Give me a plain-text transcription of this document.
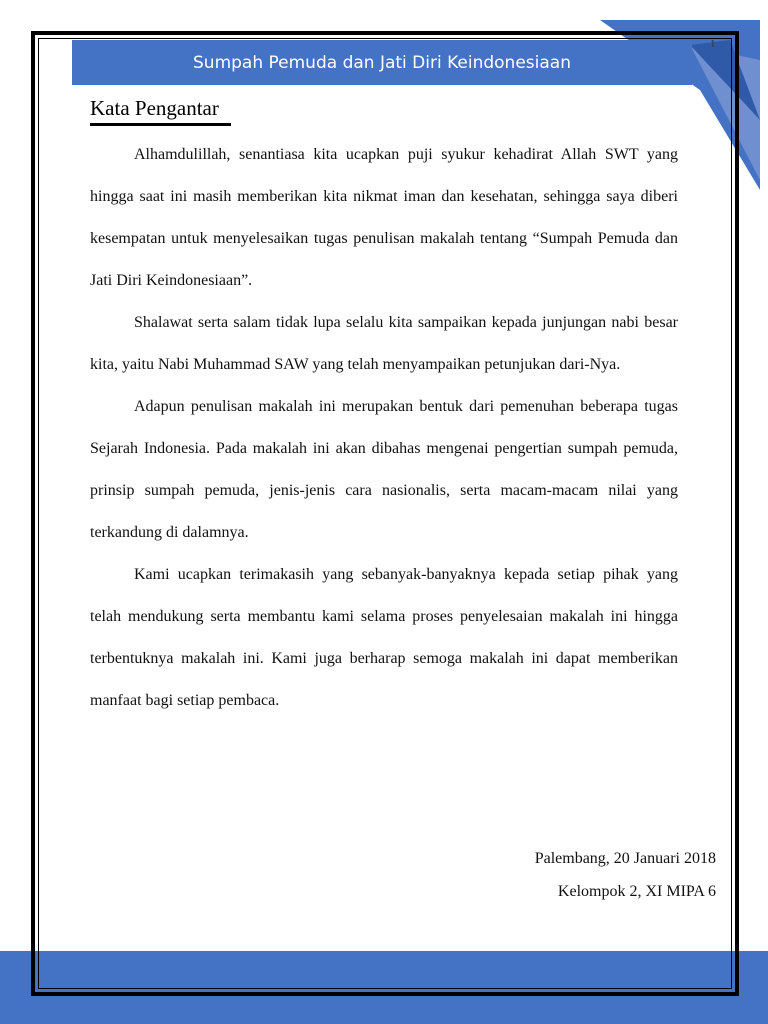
Sumpah Pemuda dan Jati Diri Keindonesiaan
1
Kata Pengantar

Alhamdulillah, senantiasa kita ucapkan puji syukur kehadirat Allah SWT yang hingga saat ini masih memberikan kita nikmat iman dan kesehatan, sehingga saya diberi kesempatan untuk menyelesaikan tugas penulisan makalah tentang “Sumpah Pemuda dan Jati Diri Keindonesiaan”.

Shalawat serta salam tidak lupa selalu kita sampaikan kepada junjungan nabi besar kita, yaitu Nabi Muhammad SAW yang telah menyampaikan petunjukan dari-Nya.

Adapun penulisan makalah ini merupakan bentuk dari pemenuhan beberapa tugas Sejarah Indonesia. Pada makalah ini akan dibahas mengenai pengertian sumpah pemuda, prinsip sumpah pemuda, jenis-jenis cara nasionalis, serta macam-macam nilai yang terkandung di dalamnya.

Kami ucapkan terimakasih yang sebanyak-banyaknya kepada setiap pihak yang telah mendukung serta membantu kami selama proses penyelesaian makalah ini hingga terbentuknya makalah ini. Kami juga berharap semoga makalah ini dapat memberikan manfaat bagi setiap pembaca.

Palembang, 20 Januari 2018
Kelompok 2, XI MIPA 6
